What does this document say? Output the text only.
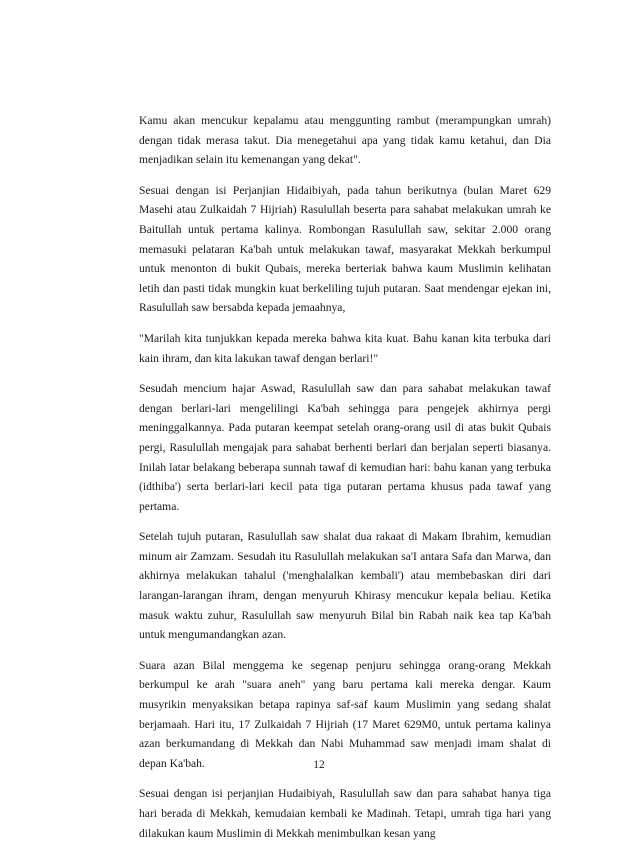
Kamu akan mencukur kepalamu atau menggunting rambut (merampungkan umrah) dengan tidak merasa takut. Dia menegetahui apa yang tidak kamu ketahui, dan Dia menjadikan selain itu kemenangan yang dekat".

Sesuai dengan isi Perjanjian Hidaibiyah, pada tahun berikutnya (bulan Maret 629 Masehi atau Zulkaidah 7 Hijriah) Rasulullah beserta para sahabat melakukan umrah ke Baitullah untuk pertama kalinya. Rombongan Rasulullah saw, sekitar 2.000 orang memasuki pelataran Ka'bah untuk melakukan tawaf, masyarakat Mekkah berkumpul untuk menonton di bukit Qubais, mereka berteriak bahwa kaum Muslimin kelihatan letih dan pasti tidak mungkin kuat berkeliling tujuh putaran. Saat mendengar ejekan ini, Rasulullah saw bersabda kepada jemaahnya,

"Marilah kita tunjukkan kepada mereka bahwa kita kuat. Bahu kanan kita terbuka dari kain ihram, dan kita lakukan tawaf dengan berlari!"

Sesudah mencium hajar Aswad, Rasulullah saw dan para sahabat melakukan tawaf dengan berlari-lari mengelilingi Ka'bah sehingga para pengejek akhirnya pergi meninggalkannya. Pada putaran keempat setelah orang-orang usil di atas bukit Qubais pergi, Rasulullah mengajak para sahabat berhenti berlari dan berjalan seperti biasanya. Inilah latar belakang beberapa sunnah tawaf di kemudian hari: bahu kanan yang terbuka (idthiba') serta berlari-lari kecil pata tiga putaran pertama khusus pada tawaf yang pertama.

Setelah tujuh putaran, Rasulullah saw shalat dua rakaat di Makam Ibrahim, kemudian minum air Zamzam. Sesudah itu Rasulullah melakukan sa'I antara Safa dan Marwa, dan akhirnya melakukan tahalul ('menghalalkan kembali') atau membebaskan diri dari larangan-larangan ihram, dengan menyuruh Khirasy mencukur kepala beliau. Ketika masuk waktu zuhur, Rasulullah saw menyuruh Bilal bin Rabah naik kea tap Ka'bah untuk mengumandangkan azan.

Suara azan Bilal menggema ke segenap penjuru sehingga orang-orang Mekkah berkumpul ke arah "suara aneh" yang baru pertama kali mereka dengar. Kaum musyrikin menyaksikan betapa rapinya saf-saf kaum Muslimin yang sedang shalat berjamaah. Hari itu, 17 Zulkaidah 7 Hijriah (17 Maret 629M0, untuk pertama kalinya azan berkumandang di Mekkah dan Nabi Muhammad saw menjadi imam shalat di depan Ka'bah.

Sesuai dengan isi perjanjian Hudaibiyah, Rasulullah saw dan para sahabat hanya tiga hari berada di Mekkah, kemudaian kembali ke Madinah. Tetapi, umrah tiga hari yang dilakukan kaum Muslimin di Mekkah menimbulkan kesan yang

12
